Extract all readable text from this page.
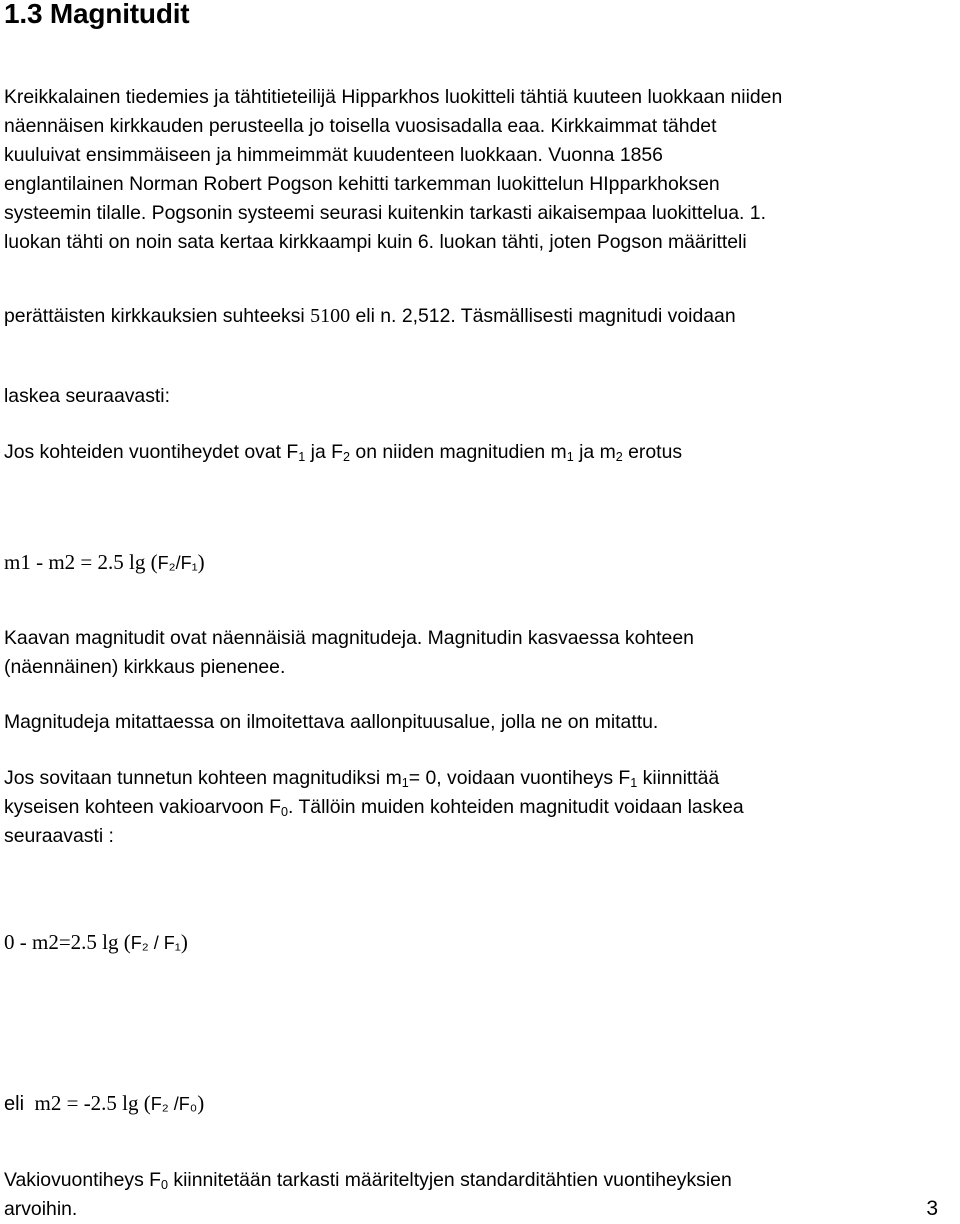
1.3 Magnitudit

Kreikkalainen tiedemies ja tähtitieteilijä Hipparkhos luokitteli tähtiä kuuteen luokkaan niiden
näennäisen kirkkauden perusteella jo toisella vuosisadalla eaa. Kirkkaimmat tähdet
kuuluivat ensimmäiseen ja himmeimmät kuudenteen luokkaan. Vuonna 1856
englantilainen Norman Robert Pogson kehitti tarkemman luokittelun HIpparkhoksen
systeemin tilalle. Pogsonin systeemi seurasi kuitenkin tarkasti aikaisempaa luokittelua. 1.
luokan tähti on noin sata kertaa kirkkaampi kuin 6. luokan tähti, joten Pogson määritteli

perättäisten kirkkauksien suhteeksi 5100 eli n. 2,512. Täsmällisesti magnitudi voidaan

laskea seuraavasti:

Jos kohteiden vuontiheydet ovat $F_1$ ja $F_2$ on niiden magnitudien $m_1$ ja $m_2$ erotus

m1 - m2 = 2.5 lg (F₂/F₁)

Kaavan magnitudit ovat näennäisiä magnitudeja. Magnitudin kasvaessa kohteen
(näennäinen) kirkkaus pienenee.

Magnitudeja mitattaessa on ilmoitettava aallonpituusalue, jolla ne on mitattu.

Jos sovitaan tunnetun kohteen magnitudiksi $m_1= 0$, voidaan vuontiheys $F_1$ kiinnittää
kyseisen kohteen vakioarvoon $F_0$. Tällöin muiden kohteiden magnitudit voidaan laskea
seuraavasti :

0 - m2=2.5 lg (F₂ / F₁)

eli m2 = -2.5 lg (F₂ /F₀)

Vakiovuontiheys $F_0$ kiinnitetään tarkasti määriteltyjen standarditähtien vuontiheyksien
arvoihin.	3
